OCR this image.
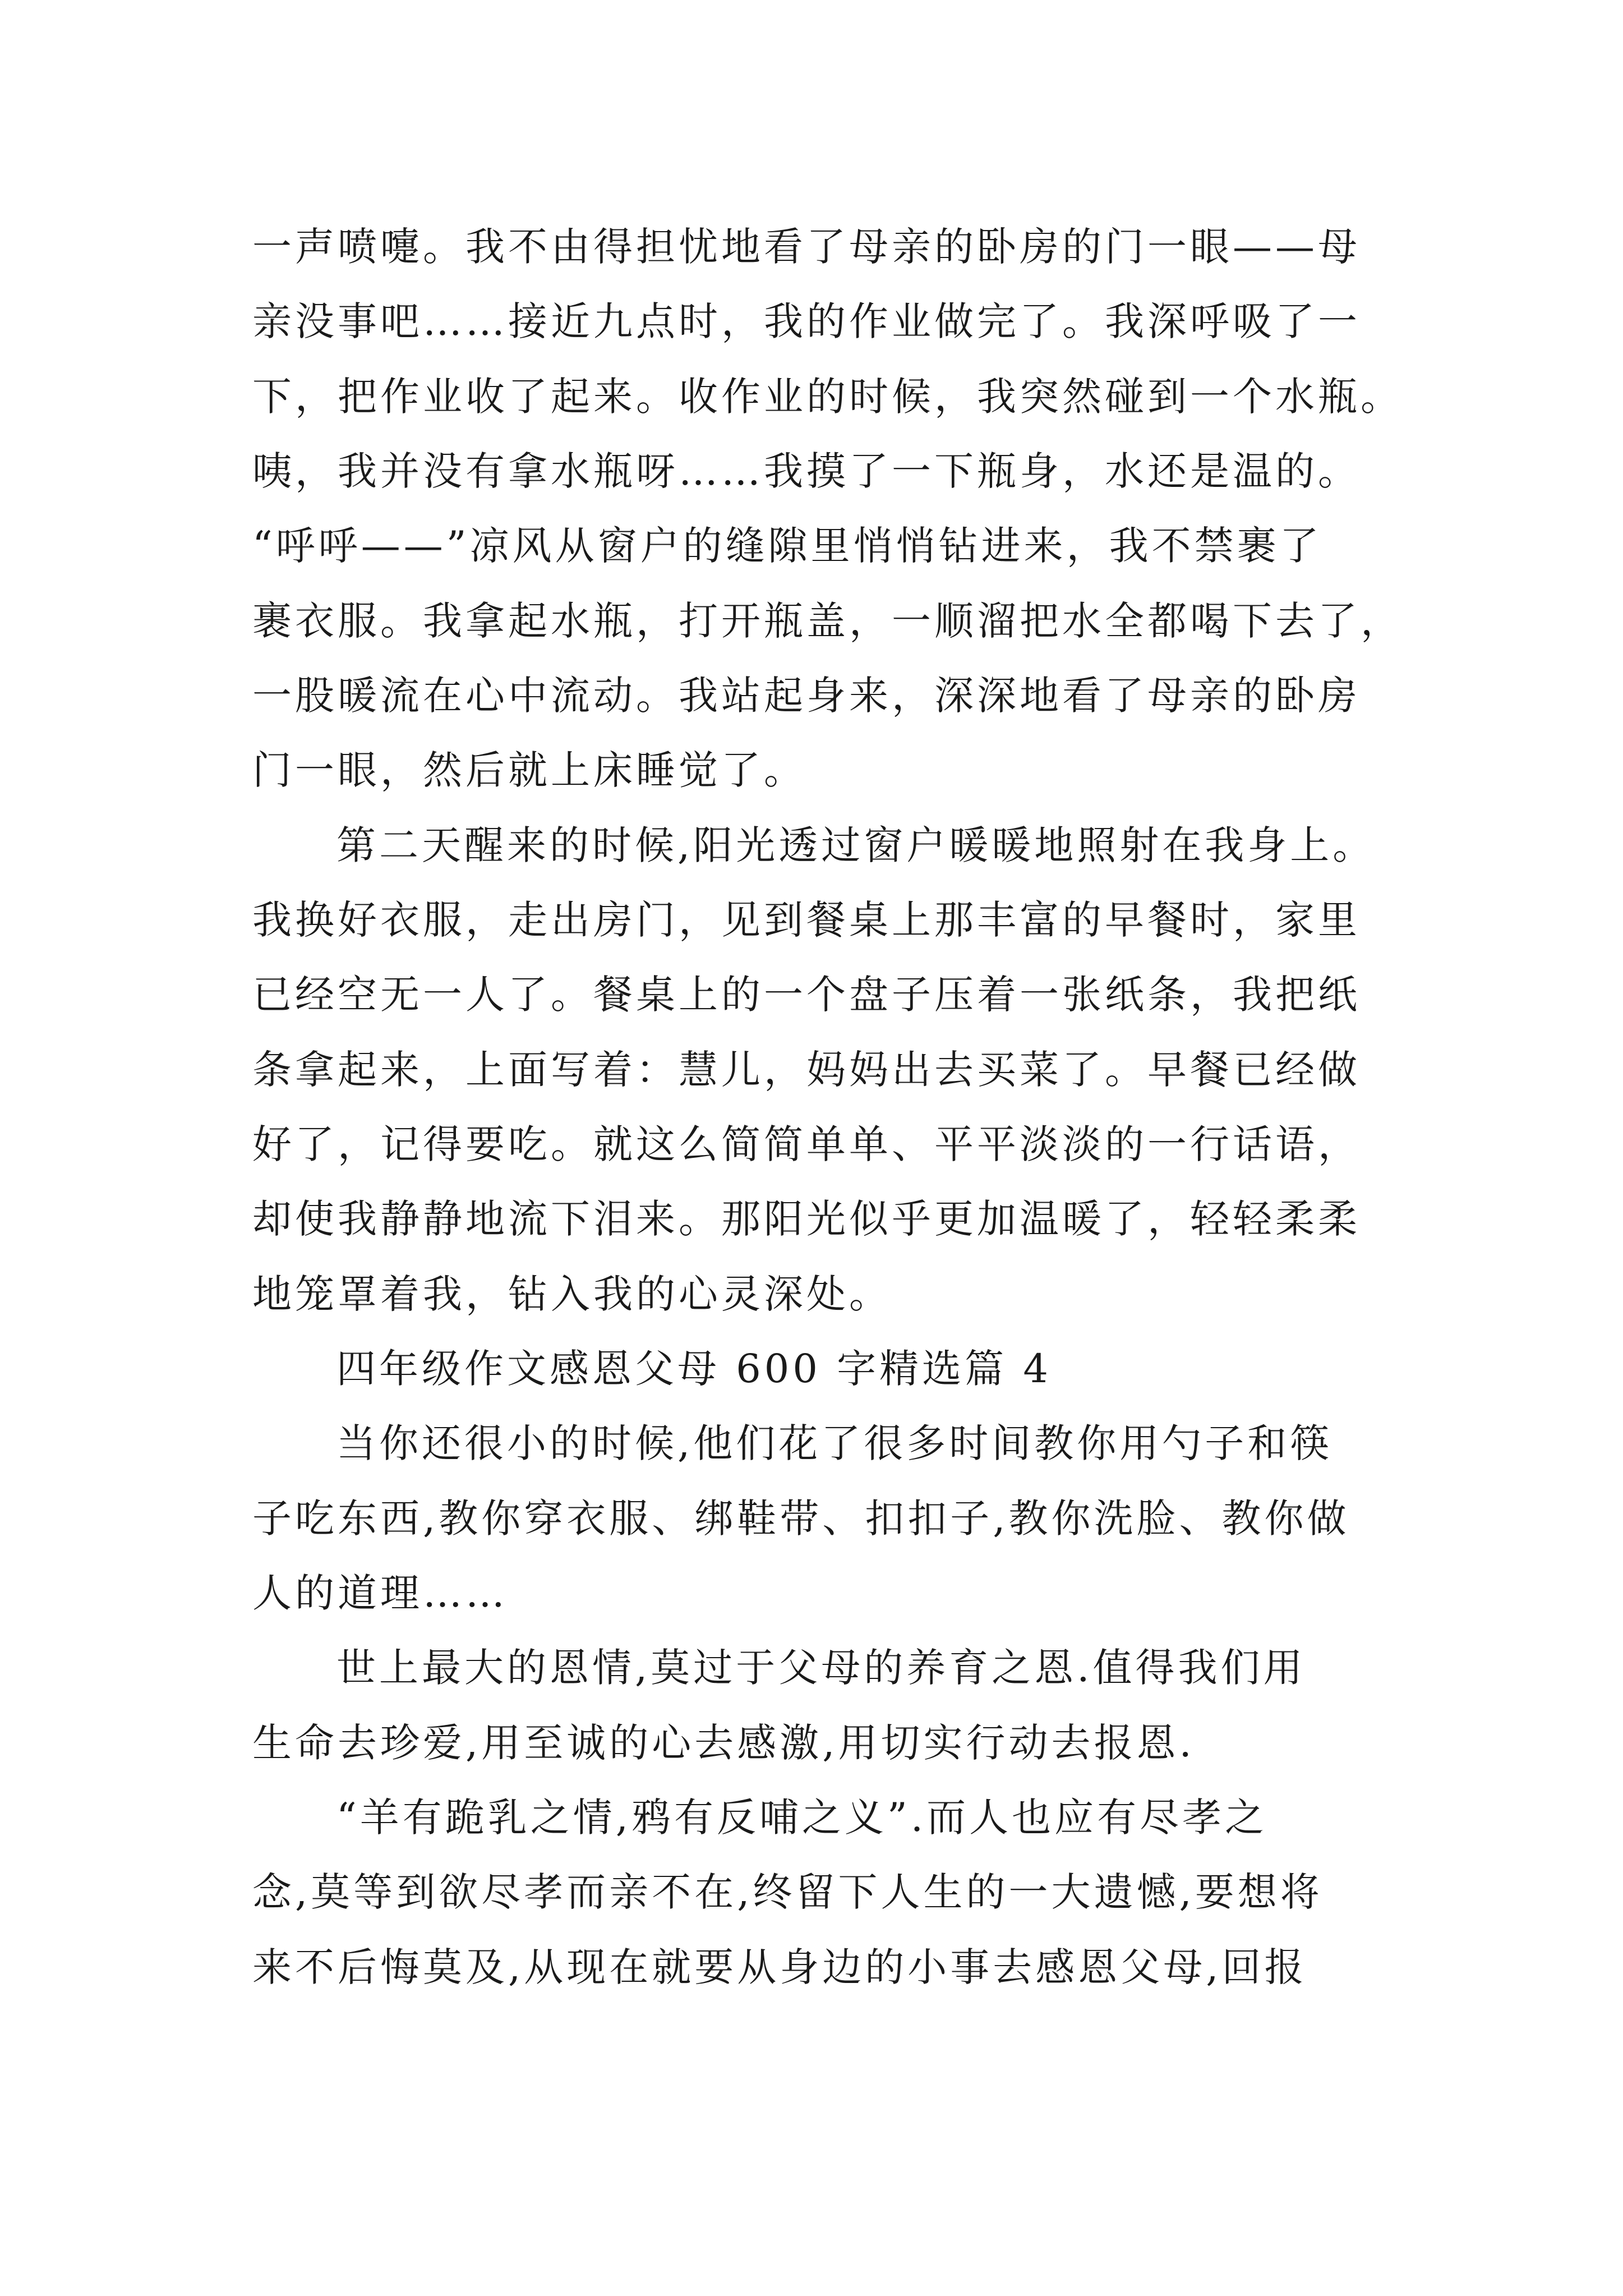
一声喷嚏。我不由得担忧地看了母亲的卧房的门一眼——母
亲没事吧……接近九点时，我的作业做完了。我深呼吸了一
下，把作业收了起来。收作业的时候，我突然碰到一个水瓶。
咦，我并没有拿水瓶呀……我摸了一下瓶身，水还是温的。
“呼呼——”凉风从窗户的缝隙里悄悄钻进来，我不禁裹了
裹衣服。我拿起水瓶，打开瓶盖，一顺溜把水全都喝下去了，
一股暖流在心中流动。我站起身来，深深地看了母亲的卧房
门一眼，然后就上床睡觉了。
第二天醒来的时候,阳光透过窗户暖暖地照射在我身上。
我换好衣服，走出房门，见到餐桌上那丰富的早餐时，家里
已经空无一人了。餐桌上的一个盘子压着一张纸条，我把纸
条拿起来，上面写着：慧儿，妈妈出去买菜了。早餐已经做
好了，记得要吃。就这么简简单单、平平淡淡的一行话语，
却使我静静地流下泪来。那阳光似乎更加温暖了，轻轻柔柔
地笼罩着我，钻入我的心灵深处。
四年级作文感恩父母 600 字精选篇 4
当你还很小的时候,他们花了很多时间教你用勺子和筷
子吃东西,教你穿衣服、绑鞋带、扣扣子,教你洗脸、教你做
人的道理……
世上最大的恩情,莫过于父母的养育之恩.值得我们用
生命去珍爱,用至诚的心去感激,用切实行动去报恩.
“羊有跪乳之情,鸦有反哺之义”.而人也应有尽孝之
念,莫等到欲尽孝而亲不在,终留下人生的一大遗憾,要想将
来不后悔莫及,从现在就要从身边的小事去感恩父母,回报
